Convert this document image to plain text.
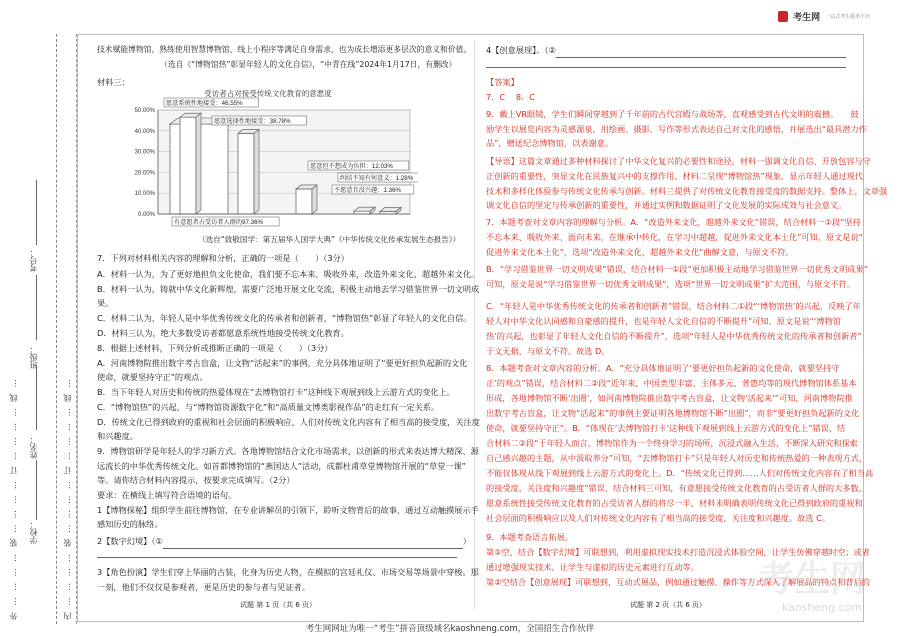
考生网 一站式考生服务平台
外 … … … … 装 … … … … 订 … … … … 线 …	内 … … … … 装 … … … … 订 … … … … 线 …
学校：
姓名：
班级：
考号：
技术赋能博物馆，熟练使用智慧博物馆、线上小程序等满足自身需求，也为成长增添更多层次的意义和价值。
（选自《“博物馆热”彰显年轻人的文化自信》，“中青在线”2024年1月17日，有删改）
材料三：
受访者占对接受传统文化教育的意愿度
0.00%
10.00%
20.00%
30.00%
40.00%
50.00%
有意愿者占受访者人群的97.36%
愿意系统性地接受：46.55%
愿意选择性地接受：38.78%
愿意但不想成为负担：12.03%
不愿意且没兴趣：1.36%
纠结不知有何意义：1.28%
（选自“致敬国学：第五届华人国学大典”《中华传统文化传承发展生态报告》）
7．下列对材料相关内容的理解和分析，正确的一项是（　　）（3分）
A．材料一认为，为了更好地担负文化使命，我们要不忘本来，吸收外来，改造外来文化，超越外来文化。
B．材料一认为，铸就中华文化新辉煌，需要广泛地开展文化交流，积极主动地去学习借鉴世界一切文明成
果。
C．材料二认为，年轻人是中华优秀传统文化的传承者和创新者，“博物馆热”彰显了年轻人的文化自信。
D．材料三认为，绝大多数受访者都愿意系统性地接受传统文化教育。
8．根据上述材料，下列分析或推断正确的一项是（　　）（3分）
A．河南博物院推出数字考古盲盒，让文物“活起来”的事例，充分具体地证明了“要更好担负起新的文化
使命，就要坚持守正”的观点。
B．当下年轻人对历史和传统的热爱体现在“去博物馆打卡”这种线下观展到线上云游方式的变化上。
C．“博物馆热”的兴起，与“博物馆资源数字化”和“高质量文博类影视作品”的走红有一定关系。
D．传统文化已得到政府的重视和社会层面的积极响应，人们对传统文化内容有了相当高的接受度，关注度
和兴趣度。
9．博物馆研学是年轻人的学习新方式。各地博物馆结合文化市场需求，以创新的形式来表达博大精深、源
远流长的中华优秀传统文化。如首都博物馆的“燕国达人”活动，成都杜甫草堂博物馆开展的“草堂一课”
等。请你结合材料内容提示，按要求完成填写。（2分）
要求：在横线上填写符合语境的语句。
1【博物探秘】组织学生前往博物馆，在专业讲解员的引领下，聆听文物背后的故事，通过互动触摸展示手
感知历史的脉络。
2【数字幻境】（①	）
3【角色扮演】学生们穿上华丽的古装，化身为历史人物，在模拟的宫廷礼仪、市场交易等场景中穿梭。那
一刻，他们不仅仅是参观者，更是历史的参与者与见证者。
试题 第 1 页（共 6 页）
4【创意展现】。（②
【答案】
7．C　 8．C
9．戴上VR眼镜，学生们瞬间穿越到了千年前的古代宫殿与战场等，直观感受到古代文明的震撼。　　鼓
励学生以展览内容为灵感源泉，用绘画、摄影、写作等形式表达自己对文化的感悟，并展选出“最具潜力作
品”，赠送纪念博物馆，以表谢意。
【导语】这篇文章通过多种材料探讨了中华文化复兴的必要性和途径。材料一强调文化自信、开放包容与守
正创新的重要性，突显文化在民族复兴中的支撑作用。材料二呈现“博物馆热”现象，显示年轻人通过现代
技术和多样化体验参与传统文化传承与创新。材料三提供了对传统文化教育接受度的数据支持。整体上，文章强
调文化自信的坚定与传承创新的重要性，并通过实例和数据证明了文化发展的实际成效与社会意义。
7．本题考查对文章内容的理解与分析。A．“改造外来文化，超越外来文化”错误，结合材料一①段“坚持
不忘本来、吸收外来、面向未来，在继承中转化，在学习中超越，促进外来文化本土化”可知，原文是说“
促进外来文化本土化”，选项“改造外来文化，超越外来文化”曲解文意，与原文不符。
B．“学习借鉴世界一切文明成果”错误，结合材料一①段“更加积极主动地学习借鉴世界一切优秀文明成果”
可知，原文是说“学习借鉴世界一切优秀文明成果”，选项“世界一切文明成果”扩大范围，与原文不符。
C．“年轻人是中华优秀传统文化的传承者和创新者”错误，结合材料二①段“‘博物馆热’的兴起，反映了年
轻人对中华文化认同感和自豪感的提升，也是年轻人文化自信的不断提升”可知，原文是说“‘博物馆
热’的兴起，也彰显了年轻人文化自信的不断提升”，选项“年轻人是中华优秀传统文化的传承者和创新者”
于文无据，与原文不符。故选 D。
8．本题考查对文章内容的分析。A．“充分具体地证明了‘要更好担负起新的文化使命，就要坚持守
正’的观点”错误，结合材料二②段“近年来，中国类型丰富、主体多元、普惠均等的现代博物馆体系基本
形成，各地博物馆不断‘出圈’，如河南博物院推出数字考古盲盒，让文物‘活起来’”可知，河南博物院推
出数字考古盲盒，让文物“活起来”的事例主要证明各地博物馆不断“出圈”，而非“要更好担负起新的文化
使命，就要坚持守正”。B．“体现在‘去博物馆打卡’这种线下观展到线上云游方式的变化上”错误，结
合材料二②段“于年轻人而言，博物馆作为一个终身学习的场所，沉浸式融入生活，不断深入研究和探索
自己感兴趣的主题，从中汲取养分”可知，“去博物馆打卡”只是年轻人对历史和传统热爱的一种表现方式，
不能仅体现从线下观展到线上云游方式的变化上。D．“传统文化已得到……人们对传统文化内容有了相当高
的接受度，关注度和兴趣度”错误，结合材料三可知，有意愿接受传统文化教育的占受访者人群的大多数，
愿意系统性接受传统文化教育的占受访者人群的将尽一半，材料未明确表明传统文化已得到政府的重视和
社会层面的积极响应以及人们对传统文化内容有了相当高的接受度，关注度和兴趣度。故选 C。
9．本题考查语言拓展。
第①空，结合【数字幻境】可联想到，利用虚拟现实技术打造沉浸式体验空间，让学生仿佛穿越时空；或者
通过增强现实技术，让学生与虚拟的历史元素进行互动等。
第②空结合【创意展现】可联想到，互动式展品，例如通过触摸、操作等方式深入了解展品的特点和背后的
试题 第 2 页（共 6 页）
考生网
kaosheng.com
考生网网址为唯一“考生”拼音顶级域名kaoshneng.com，全国招生合作伙伴
